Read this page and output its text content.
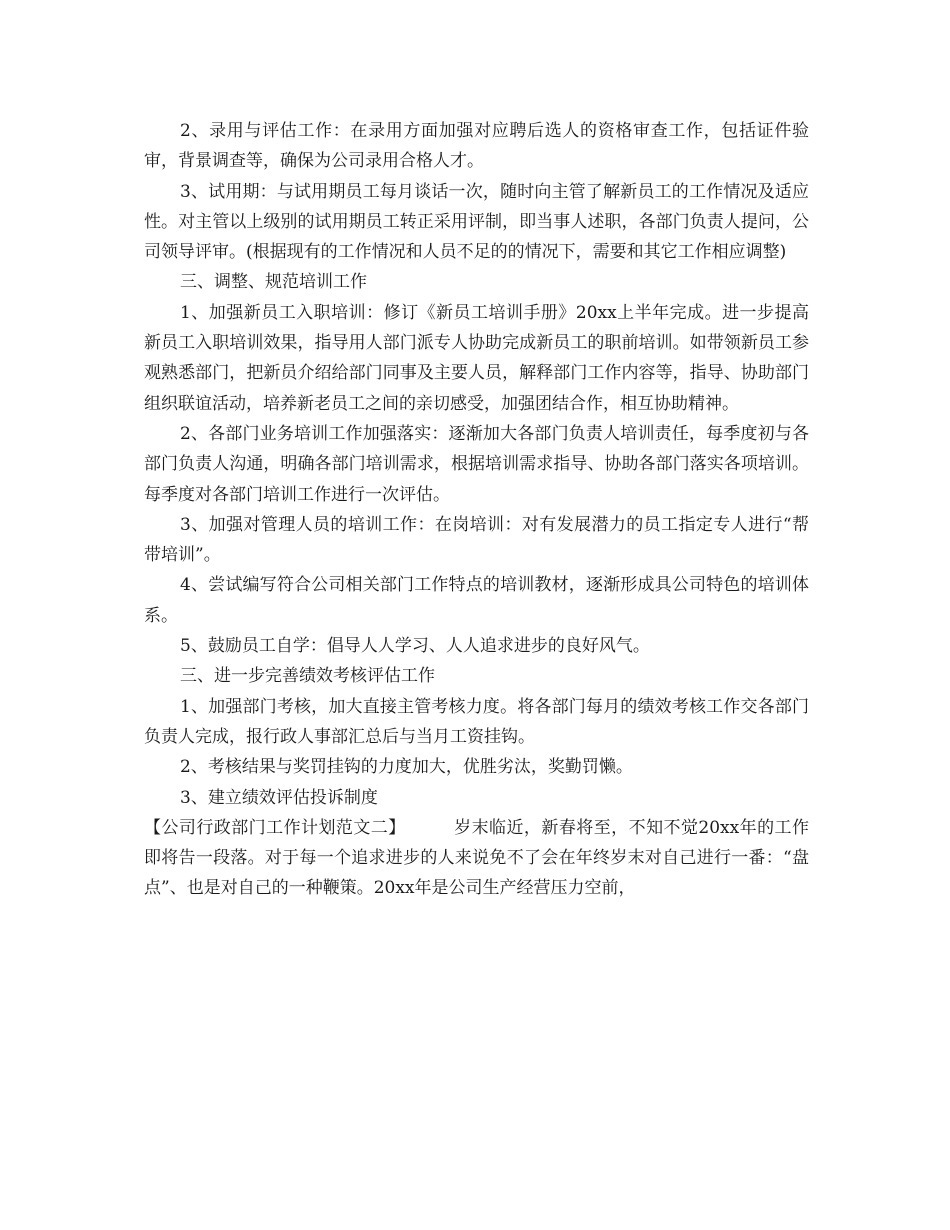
2、录用与评估工作：在录用方面加强对应聘后选人的资格审查工作，包括证件验审，背景调查等，确保为公司录用合格人才。

3、试用期：与试用期员工每月谈话一次，随时向主管了解新员工的工作情况及适应性。对主管以上级别的试用期员工转正采用评制，即当事人述职，各部门负责人提问，公司领导评审。(根据现有的工作情况和人员不足的的情况下，需要和其它工作相应调整)

三、调整、规范培训工作

1、加强新员工入职培训：修订《新员工培训手册》20xx上半年完成。进一步提高新员工入职培训效果，指导用人部门派专人协助完成新员工的职前培训。如带领新员工参观熟悉部门，把新员介绍给部门同事及主要人员，解释部门工作内容等，指导、协助部门组织联谊活动，培养新老员工之间的亲切感受，加强团结合作，相互协助精神。

2、各部门业务培训工作加强落实：逐渐加大各部门负责人培训责任，每季度初与各部门负责人沟通，明确各部门培训需求，根据培训需求指导、协助各部门落实各项培训。每季度对各部门培训工作进行一次评估。

3、加强对管理人员的培训工作：在岗培训：对有发展潜力的员工指定专人进行“帮带培训”。

4、尝试编写符合公司相关部门工作特点的培训教材，逐渐形成具公司特色的培训体系。

5、鼓励员工自学：倡导人人学习、人人追求进步的良好风气。

三、进一步完善绩效考核评估工作

1、加强部门考核，加大直接主管考核力度。将各部门每月的绩效考核工作交各部门负责人完成，报行政人事部汇总后与当月工资挂钩。

2、考核结果与奖罚挂钩的力度加大，优胜劣汰，奖勤罚懒。

3、建立绩效评估投诉制度

【公司行政部门工作计划范文二】	岁末临近，新春将至，不知不觉20xx年的工作即将告一段落。对于每一个追求进步的人来说免不了会在年终岁末对自己进行一番：“盘点”、也是对自己的一种鞭策。20xx年是公司生产经营压力空前，
